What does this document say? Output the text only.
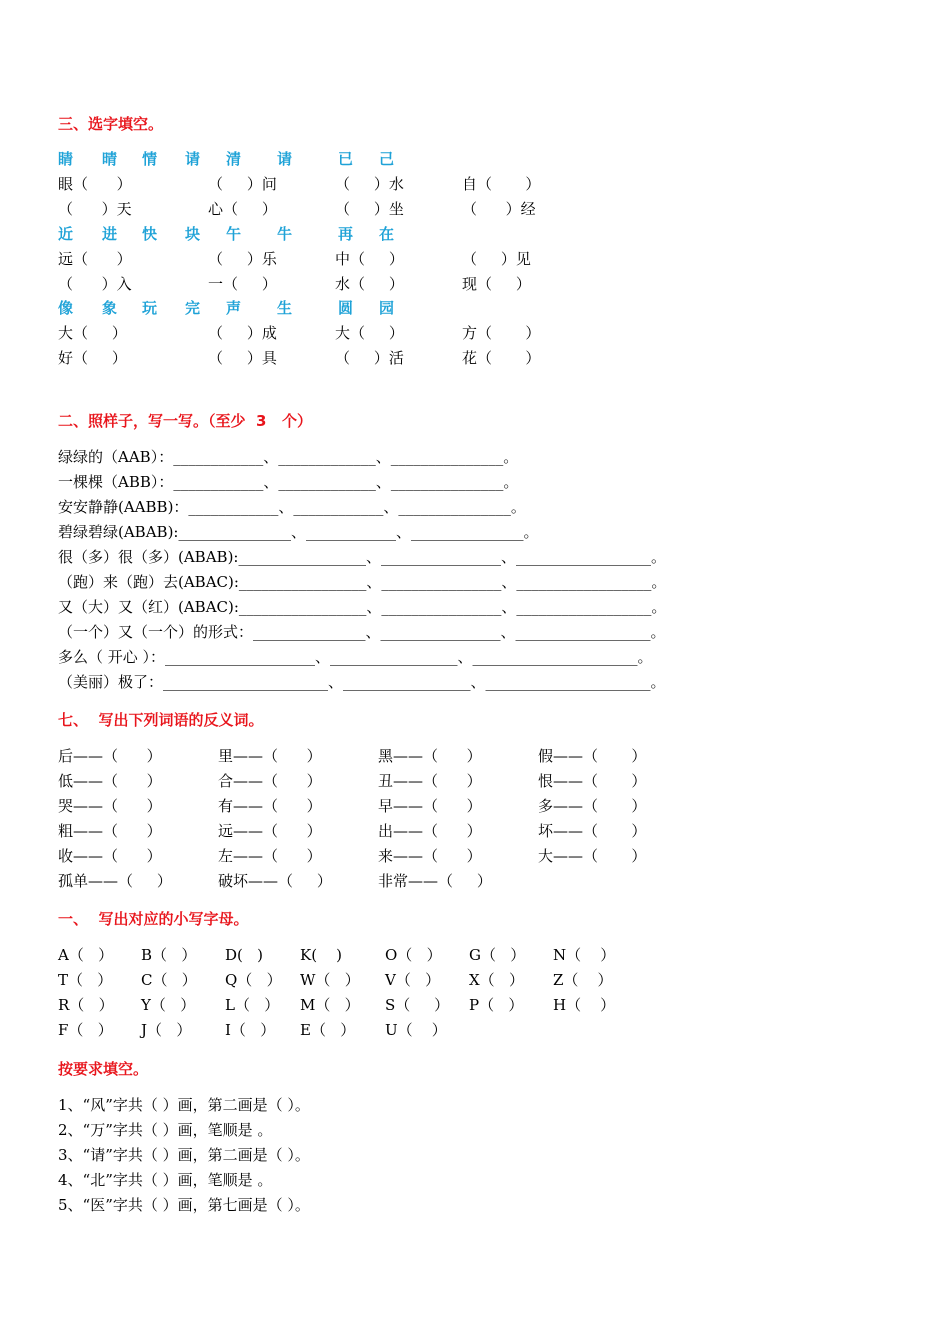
三、选字填空。
睛 晴 情 请 清 请	已 己
眼（      ）	（     ）问	（     ）水	自（       ）
（      ）天	心（     ）	（     ）坐	（      ）经
近 进 快 块 午 牛	再 在
远（      ）	（     ）乐	中（     ）	（     ）见
（      ）入	一（     ）	水（     ）	现（     ）
像 象 玩 完 声 生	圆 园
大（     ）	（     ）成	大（     ）	方（       ）
好（     ）	（     ）具	（     ）活	花（       ）
二、照样子，写一写。（至少  3   个）
绿绿的（AAB）：____________、_____________、_______________。
一棵棵（ABB）：____________、_____________、_______________。
安安静静(AABB)：____________、____________、_______________。
碧绿碧绿(ABAB):_______________、____________、_______________。
很（多）很（多）(ABAB):_________________、________________、__________________。
（跑）来（跑）去(ABAC):_________________、________________、__________________。
又（大）又（红）(ABAC):_________________、________________、__________________。
（一个）又（一个）的形式：_______________、________________、__________________。
多么（ 开心 ）：____________________、_________________、______________________。
（美丽）极了：______________________、_________________、______________________。
七、  写出下列词语的反义词。
后——（      ）	里——（      ）	黑——（      ）	假——（       ）
低——（      ）	合——（      ）	丑——（      ）	恨——（       ）
哭——（      ）	有——（      ）	早——（      ）	多——（       ）
粗——（      ）	远——（      ）	出——（      ）	坏——（       ）
收——（      ）	左——（      ）	来——（      ）	大——（       ）
孤单——（     ）	破坏——（     ）	非常——（     ）
一、  写出对应的小写字母。
A（   ） B（   ） D(   ) K(    )	O（   ） G（   ） N（    ）
T（   ） C（   ） Q（   ） W（   ） V（   ） X（   ） Z（    ）
R（   ） Y（   ） L（   ） M（   ） S（     ） P（   ） H（    ）
F（   ） J（   ） I（   ） E（   ） U（    ）
按要求填空。
1、“风”字共（ ）画，第二画是（ ）。
2、“万”字共（ ）画，笔顺是 。
3、“请”字共（ ）画，第二画是（ ）。
4、“北”字共（ ）画，笔顺是 。
5、“医”字共（ ）画，第七画是（ ）。
